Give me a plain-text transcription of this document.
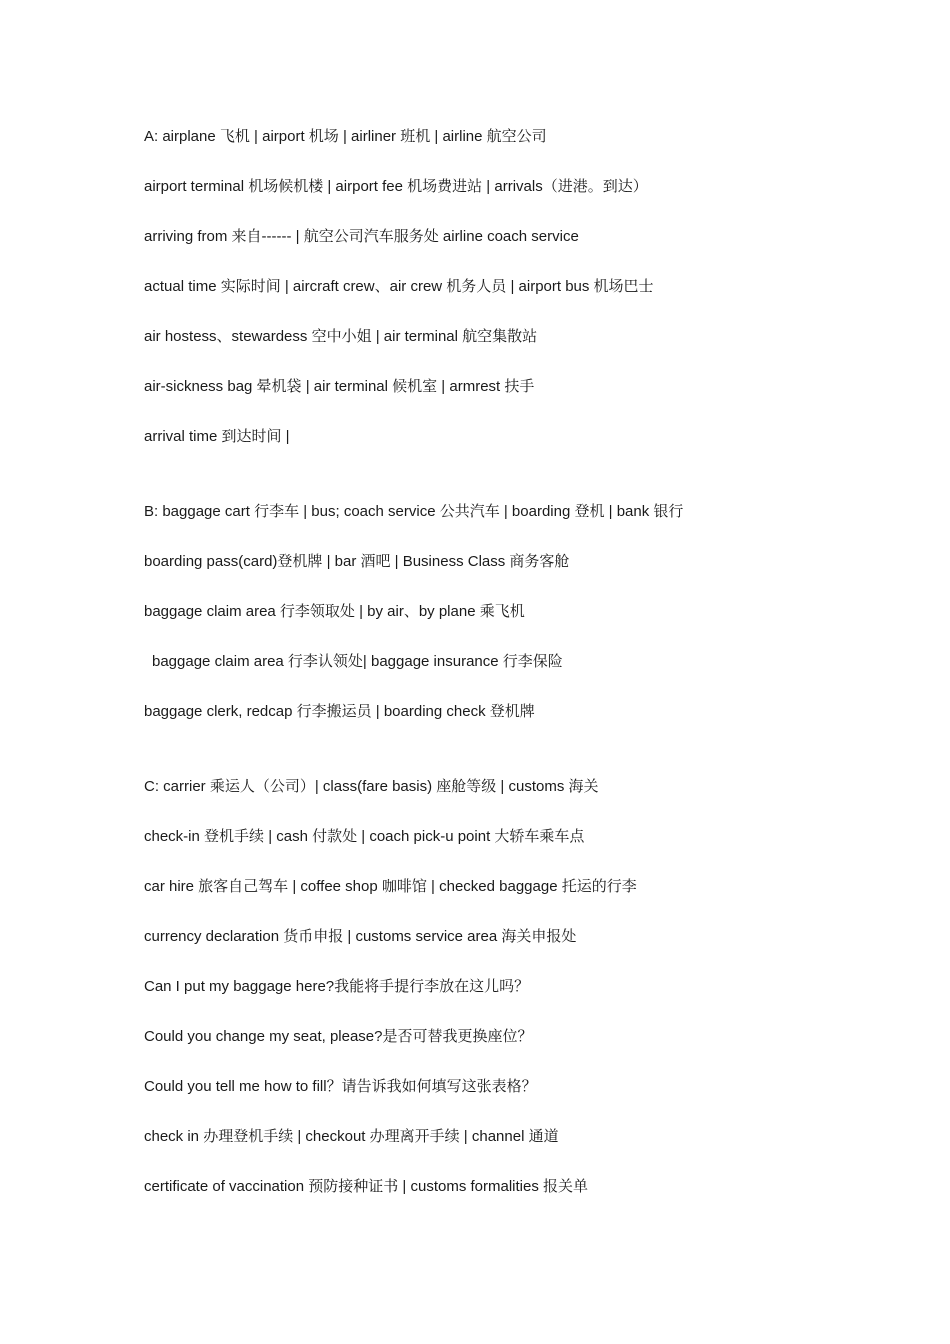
A: airplane 飞机 | airport 机场 | airliner 班机 | airline 航空公司
airport terminal 机场候机楼 | airport fee 机场费进站 | arrivals（进港。到达）
arriving from 来自------ | 航空公司汽车服务处 airline coach service
actual time 实际时间 | aircraft crew、air crew 机务人员 | airport bus 机场巴士
air hostess、stewardess 空中小姐 | air terminal 航空集散站
air-sickness bag 晕机袋 | air terminal 候机室 | armrest 扶手
arrival time 到达时间 |
B: baggage cart 行李车 | bus; coach service 公共汽车 | boarding 登机 | bank 银行
boarding pass(card)登机牌 | bar 酒吧 | Business Class 商务客舱
baggage claim area 行李领取处 | by air、by plane 乘飞机
baggage claim area 行李认领处| baggage insurance 行李保险
baggage clerk, redcap 行李搬运员 | boarding check 登机牌
C: carrier 乘运人（公司）| class(fare basis) 座舱等级 | customs 海关
check-in 登机手续 | cash 付款处 | coach pick-u point 大轿车乘车点
car hire 旅客自己驾车 | coffee shop 咖啡馆 | checked baggage 托运的行李
currency declaration 货币申报 | customs service area 海关申报处
Can I put my baggage here?我能将手提行李放在这儿吗？
Could you change my seat, please?是否可替我更换座位？
Could you tell me how to fill？请告诉我如何填写这张表格？
check in 办理登机手续 | checkout 办理离开手续 | channel 通道
certificate of vaccination 预防接种证书 | customs formalities 报关单
